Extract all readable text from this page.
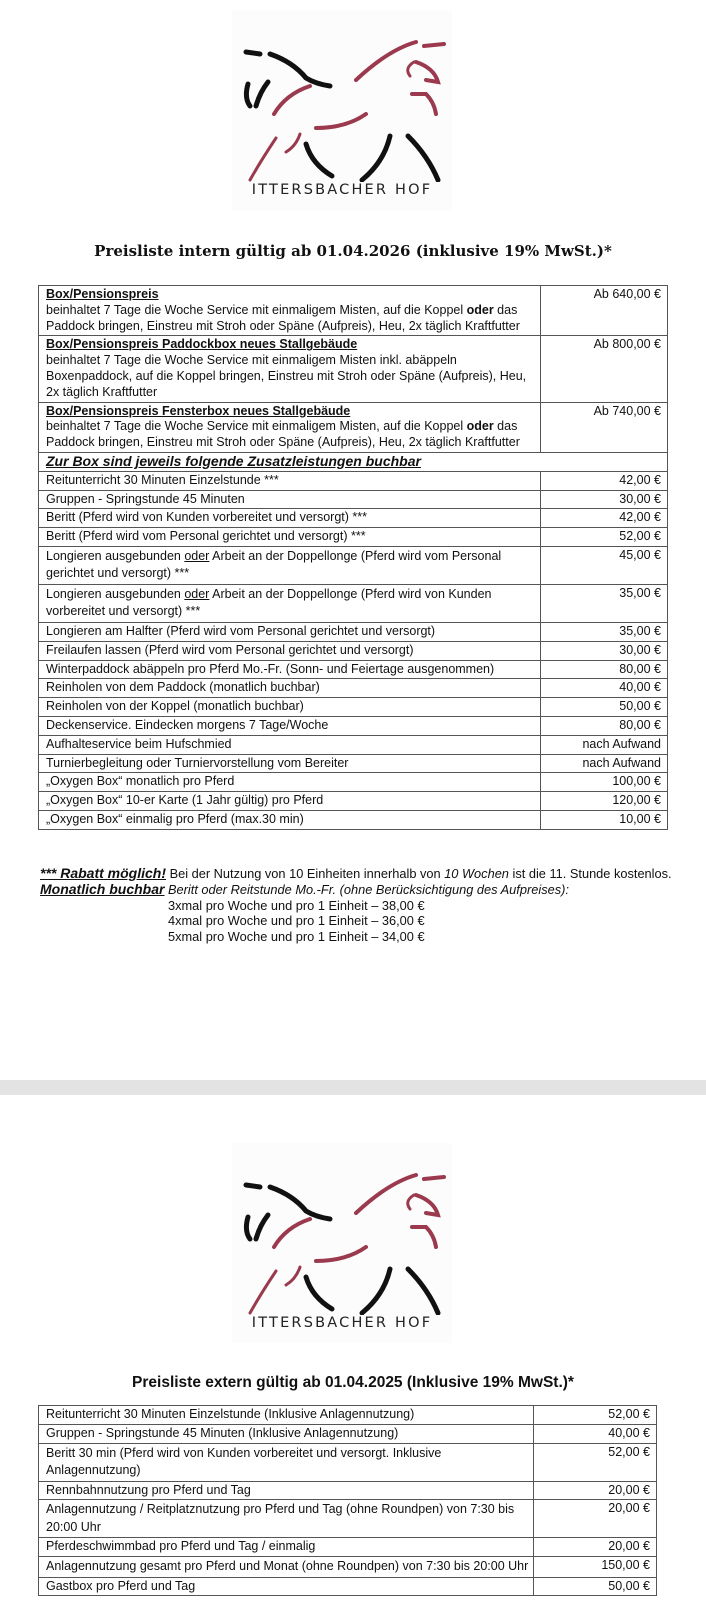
ITTERSBACHER HOF
Preisliste intern gültig ab 01.04.2026 (inklusive 19% MwSt.)*
Box/Pensionspreis
beinhaltet 7 Tage die Woche Service mit einmaligem Misten, auf die Koppel oder das Paddock bringen, Einstreu mit Stroh oder Späne (Aufpreis), Heu, 2x täglich Kraftfutter	Ab 640,00 €

Box/Pensionspreis Paddockbox neues Stallgebäude
beinhaltet 7 Tage die Woche Service mit einmaligem Misten inkl. abäppeln Boxenpaddock, auf die Koppel bringen, Einstreu mit Stroh oder Späne (Aufpreis), Heu, 2x täglich Kraftfutter	Ab 800,00 €

Box/Pensionspreis Fensterbox neues Stallgebäude
beinhaltet 7 Tage die Woche Service mit einmaligem Misten, auf die Koppel oder das Paddock bringen, Einstreu mit Stroh oder Späne (Aufpreis), Heu, 2x täglich Kraftfutter	Ab 740,00 €
Zur Box sind jeweils folgende Zusatzleistungen buchbar	
Reitunterricht 30 Minuten Einzelstunde ***	42,00 €
Gruppen - Springstunde 45 Minuten	30,00 €
Beritt (Pferd wird von Kunden vorbereitet und versorgt) ***	42,00 €
Beritt (Pferd wird vom Personal gerichtet und versorgt) ***	52,00 €
Longieren ausgebunden oder Arbeit an der Doppellonge (Pferd wird vom Personal gerichtet und versorgt) ***	45,00 €
Longieren ausgebunden oder Arbeit an der Doppellonge (Pferd wird von Kunden vorbereitet und versorgt) ***	35,00 €
Longieren am Halfter (Pferd wird vom Personal gerichtet und versorgt)	35,00 €
Freilaufen lassen (Pferd wird vom Personal gerichtet und versorgt)	30,00 €
Winterpaddock abäppeln pro Pferd Mo.-Fr. (Sonn- und Feiertage ausgenommen)	80,00 €
Reinholen von dem Paddock (monatlich buchbar)	40,00 €
Reinholen von der Koppel (monatlich buchbar)	50,00 €
Deckenservice. Eindecken morgens 7 Tage/Woche	80,00 €
Aufhalteservice beim Hufschmied	nach Aufwand
Turnierbegleitung oder Turniervorstellung vom Bereiter	nach Aufwand
„Oxygen Box“ monatlich pro Pferd	100,00 €
„Oxygen Box“ 10-er Karte (1 Jahr gültig) pro Pferd	120,00 €
„Oxygen Box“ einmalig pro Pferd (max.30 min)	10,00 €
*** Rabatt möglich! Bei der Nutzung von 10 Einheiten innerhalb von 10 Wochen ist die 11. Stunde kostenlos.
Monatlich buchbar Beritt oder Reitstunde Mo.-Fr. (ohne Berücksichtigung des Aufpreises):
3xmal pro Woche und pro 1 Einheit – 38,00 €
4xmal pro Woche und pro 1 Einheit – 36,00 €
5xmal pro Woche und pro 1 Einheit – 34,00 €
ITTERSBACHER HOF
Preisliste extern gültig ab 01.04.2025 (Inklusive 19% MwSt.)*
Reitunterricht 30 Minuten Einzelstunde (Inklusive Anlagennutzung)	52,00 €
Gruppen - Springstunde 45 Minuten (Inklusive Anlagennutzung)	40,00 €
Beritt 30 min (Pferd wird von Kunden vorbereitet und versorgt. Inklusive Anlagennutzung)	52,00 €
Rennbahnnutzung pro Pferd und Tag	20,00 €
Anlagennutzung / Reitplatznutzung pro Pferd und Tag (ohne Roundpen) von 7:30 bis 20:00 Uhr	20,00 €
Pferdeschwimmbad pro Pferd und Tag / einmalig	20,00 €
Anlagennutzung gesamt pro Pferd und Monat (ohne Roundpen) von 7:30 bis 20:00 Uhr	150,00 €
Gastbox pro Pferd und Tag	50,00 €
